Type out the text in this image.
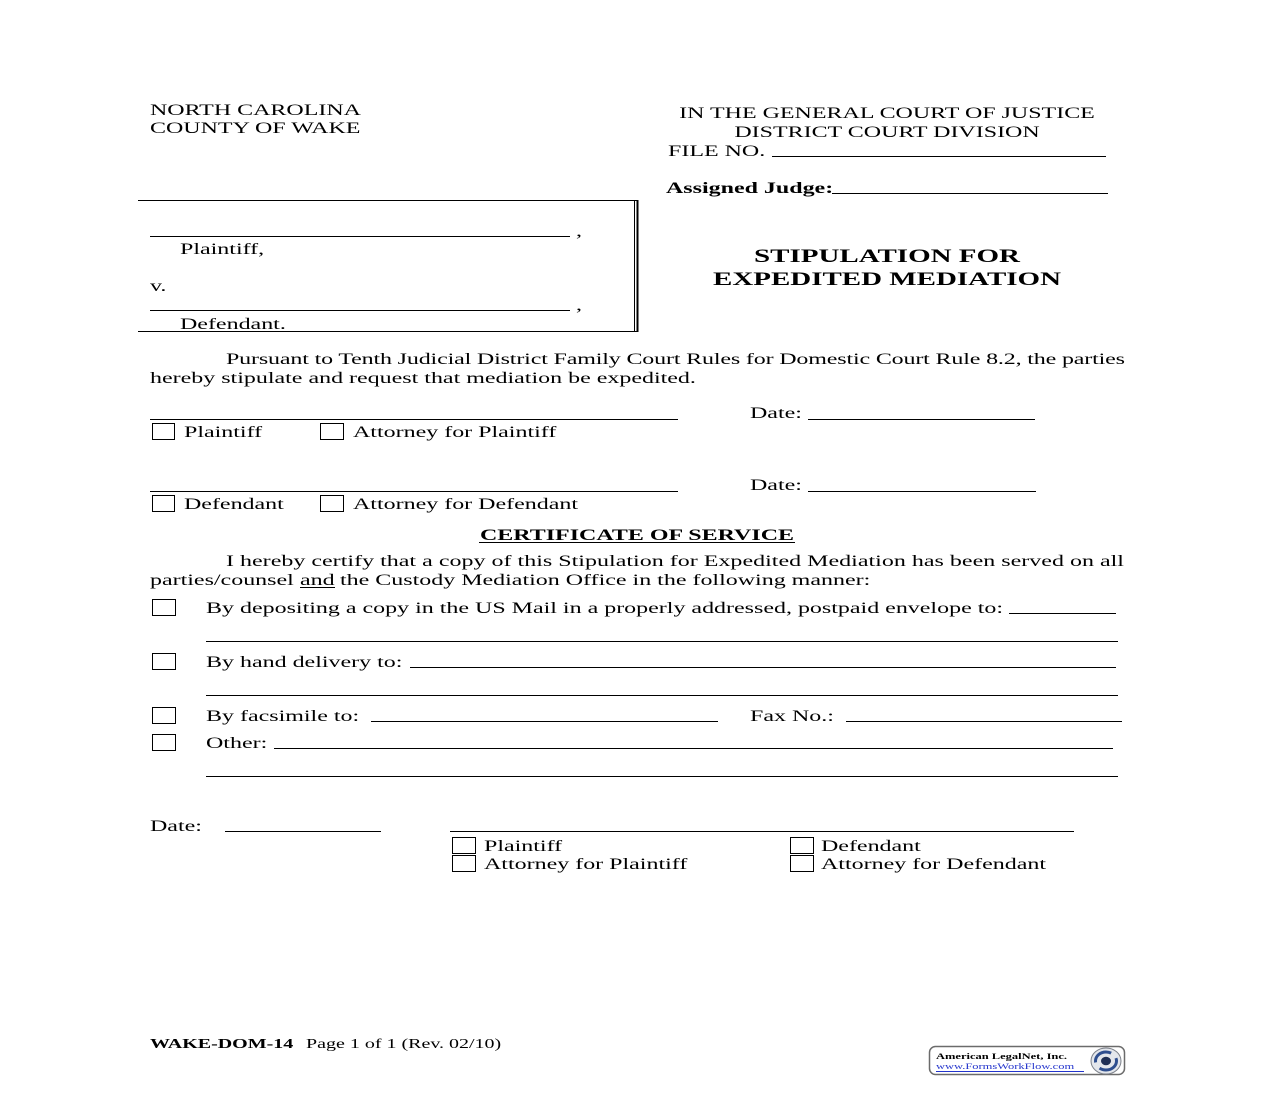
NORTH CAROLINA
COUNTY OF WAKE
IN THE GENERAL COURT OF JUSTICE
DISTRICT COURT DIVISION
FILE NO.
Assigned Judge:
,
Plaintiff,
v.
,
Defendant.
STIPULATION FOR
EXPEDITED MEDIATION
Pursuant to Tenth Judicial District Family Court Rules for Domestic Court Rule 8.2, the parties
hereby stipulate and request that mediation be expedited.
Date:
Plaintiff	Attorney for Plaintiff
Date:
Defendant	Attorney for Defendant
CERTIFICATE OF SERVICE
I hereby certify that a copy of this Stipulation for Expedited Mediation has been served on all
parties/counsel and the Custody Mediation Office in the following manner:
By depositing a copy in the US Mail in a properly addressed, postpaid envelope to:
By hand delivery to:
By facsimile to:	Fax No.:
Other:
Date:
Plaintiff	Defendant
Attorney for Plaintiff	Attorney for Defendant
WAKE-DOM-14 Page 1 of 1 (Rev. 02/10)
American LegalNet, Inc.
www.FormsWorkFlow.com
